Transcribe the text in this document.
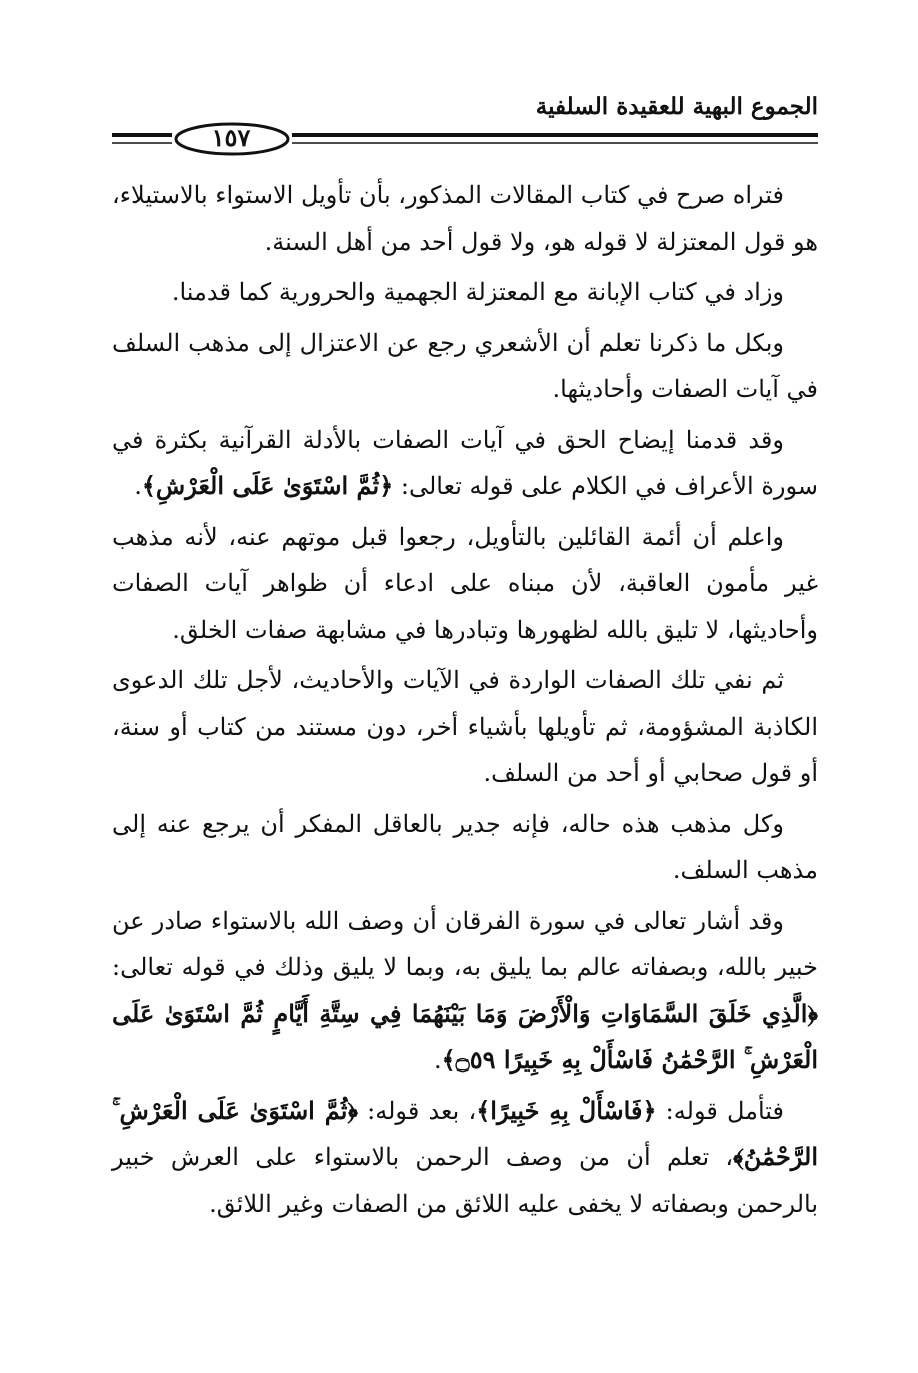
الجموع البهية للعقيدة السلفية
١٥٧

فتراه صرح في كتاب المقالات المذكور، بأن تأويل الاستواء بالاستيلاء، هو قول المعتزلة لا قوله هو، ولا قول أحد من أهل السنة.

وزاد في كتاب الإبانة مع المعتزلة الجهمية والحرورية كما قدمنا.

وبكل ما ذكرنا تعلم أن الأشعري رجع عن الاعتزال إلى مذهب السلف في آيات الصفات وأحاديثها.

وقد قدمنا إيضاح الحق في آيات الصفات بالأدلة القرآنية بكثرة في سورة الأعراف في الكلام على قوله تعالى: ﴿ثُمَّ اسْتَوَىٰ عَلَى الْعَرْشِ﴾.

واعلم أن أئمة القائلين بالتأويل، رجعوا قبل موتهم عنه، لأنه مذهب غير مأمون العاقبة، لأن مبناه على ادعاء أن ظواهر آيات الصفات وأحاديثها، لا تليق بالله لظهورها وتبادرها في مشابهة صفات الخلق.

ثم نفي تلك الصفات الواردة في الآيات والأحاديث، لأجل تلك الدعوى الكاذبة المشؤومة، ثم تأويلها بأشياء أخر، دون مستند من كتاب أو سنة، أو قول صحابي أو أحد من السلف.

وكل مذهب هذه حاله، فإنه جدير بالعاقل المفكر أن يرجع عنه إلى مذهب السلف.

وقد أشار تعالى في سورة الفرقان أن وصف الله بالاستواء صادر عن خبير بالله، وبصفاته عالم بما يليق به، وبما لا يليق وذلك في قوله تعالى: ﴿الَّذِي خَلَقَ السَّمَاوَاتِ وَالْأَرْضَ وَمَا بَيْنَهُمَا فِي سِتَّةِ أَيَّامٍ ثُمَّ اسْتَوَىٰ عَلَى الْعَرْشِ ۚ الرَّحْمَٰنُ فَاسْأَلْ بِهِ خَبِيرًا ۝٥٩﴾.

فتأمل قوله: ﴿فَاسْأَلْ بِهِ خَبِيرًا﴾، بعد قوله: ﴿ثُمَّ اسْتَوَىٰ عَلَى الْعَرْشِ ۚ الرَّحْمَٰنُ﴾، تعلم أن من وصف الرحمن بالاستواء على العرش خبير بالرحمن وبصفاته لا يخفى عليه اللائق من الصفات وغير اللائق.
